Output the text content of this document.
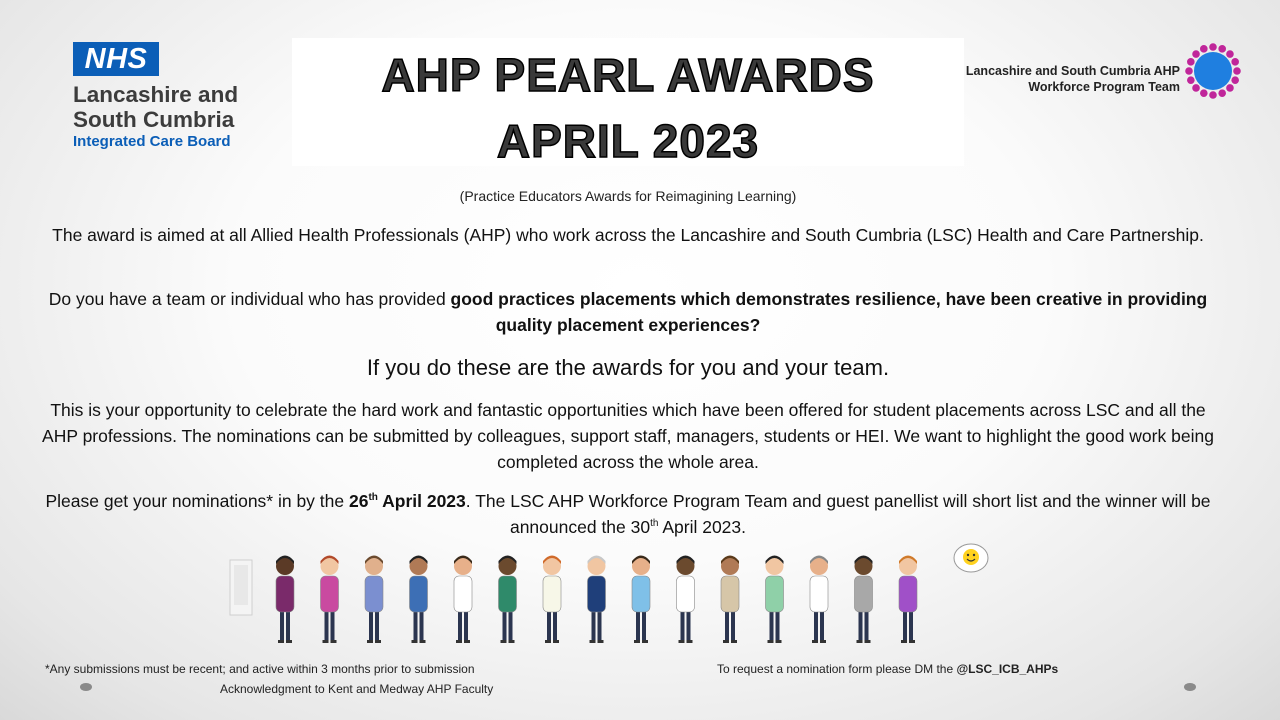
AHP PEARL AWARDS
APRIL 2023
NHS
Lancashire and
South Cumbria
Integrated Care Board
Lancashire and South Cumbria AHP
Workforce Program Team
(Practice Educators Awards for Reimagining Learning)
The award is aimed at all Allied Health Professionals (AHP) who work across the Lancashire and South Cumbria (LSC) Health and Care Partnership.
Do you have a team or individual who has provided good practices placements which demonstrates resilience, have been creative in providing quality placement experiences?
If you do these are the awards for you and your team.
This is your opportunity to celebrate the hard work and fantastic opportunities which have been offered for student placements across LSC and all the AHP professions. The nominations can be submitted by colleagues, support staff, managers, students or HEI. We want to highlight the good work being completed across the whole area.
Please get your nominations* in by the 26th April 2023. The LSC AHP Workforce Program Team and guest panellist will short list and the winner will be announced the 30th April 2023.
*Any submissions must be recent; and active within 3 months prior to submission
Acknowledgment to Kent and Medway AHP Faculty
To request a nomination form please DM the @LSC_ICB_AHPs
